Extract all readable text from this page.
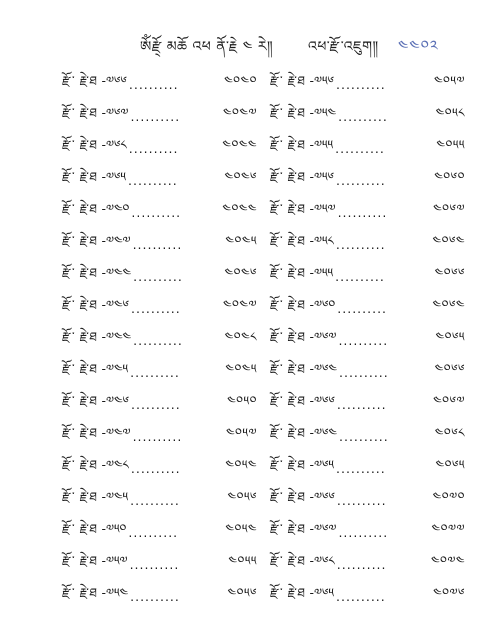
ༀརྫ྄ོ མཆོ འཕ ནོ་རྗེ ༤ རེ༎ འཕ་རྫོ་འཇུག༎ ༤༤༠༢
རྫོ་ རྗེ་ཐ -༧༦༦ ..........	༤༠༤༠
རྫོ་ རྗེ་ཐ -༧༦༧ ..........	༤༠༤༧
རྫོ་ རྗེ་ཐ -༧༦༨ ..........	༤༠༤༤
རྫོ་ རྗེ་ཐ -༧༦༥ ..........	༤༠༤༦
རྫོ་ རྗེ་ཐ -༧༤༠ ..........	༤༠༤༤
རྫོ་ རྗེ་ཐ -༧༤༧ ..........	༤༠༤༥
རྫོ་ རྗེ་ཐ -༧༤༤ ..........	༤༠༤༦
རྫོ་ རྗེ་ཐ -༧༤༦ ..........	༤༠༤༧
རྫོ་ རྗེ་ཐ -༧༤༤ ..........	༤༠༤༨
རྫོ་ རྗེ་ཐ -༧༤༥ ..........	༤༠༤༥
རྫོ་ རྗེ་ཐ -༧༤༦ ..........	༤༠༥༠
རྫོ་ རྗེ་ཐ -༧༤༧ ..........	༤༠༥༧
རྫོ་ རྗེ་ཐ -༧༤༨ ..........	༤༠༥༤
རྫོ་ རྗེ་ཐ -༧༤༥ ..........	༤༠༥༦
རྫོ་ རྗེ་ཐ -༧༥༠ ..........	༤༠༥༤
རྫོ་ རྗེ་ཐ -༧༥༧ ..........	༤༠༥༥
རྫོ་ རྗེ་ཐ -༧༥༤ ..........	༤༠༥༦
རྫོ་ རྗེ་ཐ -༧༥༦ ..........	༤༠༥༧
རྫོ་ རྗེ་ཐ -༧༥༤ ..........	༤༠༥༨
རྫོ་ རྗེ་ཐ -༧༥༥ ..........	༤༠༥༥
རྫོ་ རྗེ་ཐ -༧༥༦ ..........	༤༠༦༠
རྫོ་ རྗེ་ཐ -༧༥༧ ..........	༤༠༦༧
རྫོ་ རྗེ་ཐ -༧༥༨ ..........	༤༠༦༤
རྫོ་ རྗེ་ཐ -༧༥༥ ..........	༤༠༦༦
རྫོ་ རྗེ་ཐ -༧༦༠ ..........	༤༠༦༤
རྫོ་ རྗེ་ཐ -༧༦༧ ..........	༤༠༦༥
རྫོ་ རྗེ་ཐ -༧༦༤ ..........	༤༠༦༦
རྫོ་ རྗེ་ཐ -༧༦༦ ..........	༤༠༦༧
རྫོ་ རྗེ་ཐ -༧༦༤ ..........	༤༠༦༨
རྫོ་ རྗེ་ཐ -༧༦༥ ..........	༤༠༦༥
རྫོ་ རྗེ་ཐ -༧༦༦ ..........	༤༠༧༠
རྫོ་ རྗེ་ཐ -༧༦༧ ..........	༤༠༧༧
རྫོ་ རྗེ་ཐ -༧༦༨ ..........	༤༠༧༤
རྫོ་ རྗེ་ཐ -༧༦༥ ..........	༤༠༧༦
